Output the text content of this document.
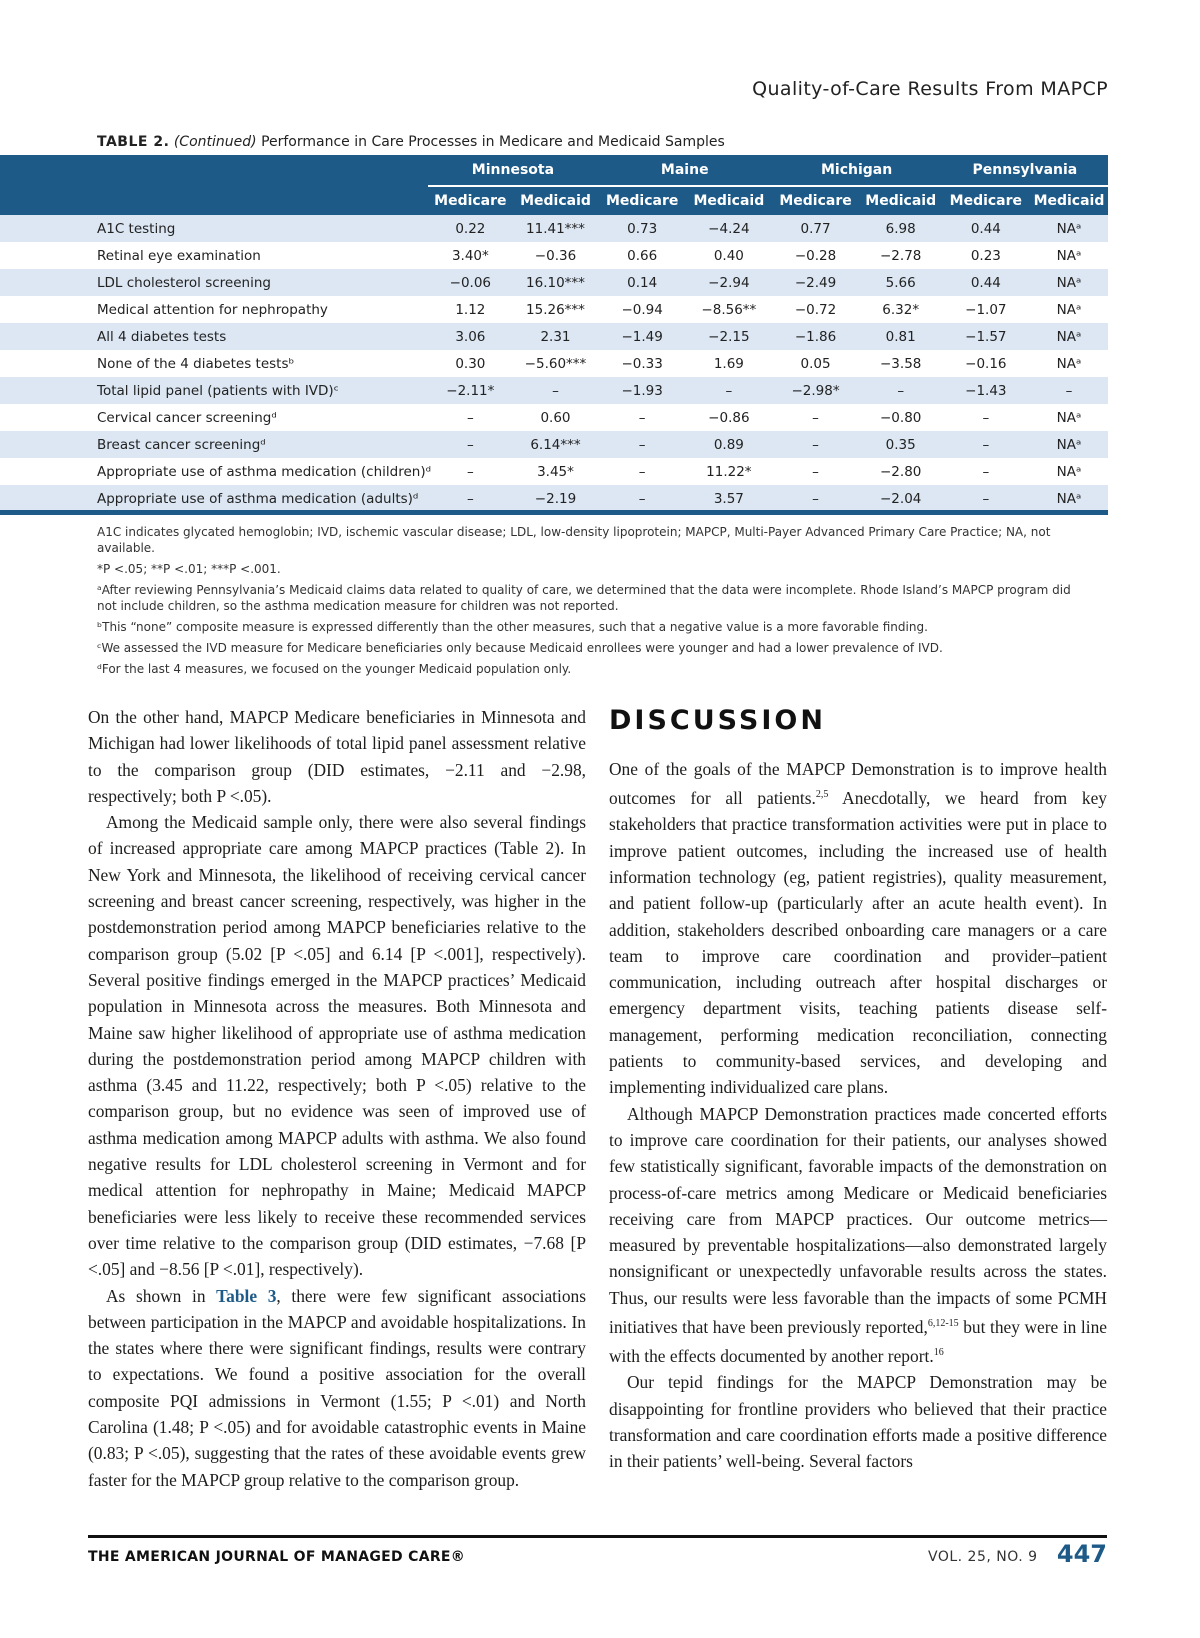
Quality-of-Care Results From MAPCP
TABLE 2. (Continued) Performance in Care Processes in Medicare and Medicaid Samples
	Minnesota		Maine		Michigan		Pennsylvania	
	Medicare	Medicaid	Medicare	Medicaid	Medicare	Medicaid	Medicare	Medicaid
A1C testing	0.22	11.41***	0.73	−4.24	0.77	6.98	0.44	NAᵃ
Retinal eye examination	3.40*	−0.36	0.66	0.40	−0.28	−2.78	0.23	NAᵃ
LDL cholesterol screening	−0.06	16.10***	0.14	−2.94	−2.49	5.66	0.44	NAᵃ
Medical attention for nephropathy	1.12	15.26***	−0.94	−8.56**	−0.72	6.32*	−1.07	NAᵃ
All 4 diabetes tests	3.06	2.31	−1.49	−2.15	−1.86	0.81	−1.57	NAᵃ
None of the 4 diabetes testsᵇ	0.30	−5.60***	−0.33	1.69	0.05	−3.58	−0.16	NAᵃ
Total lipid panel (patients with IVD)ᶜ	−2.11*	–	−1.93	–	−2.98*	–	−1.43	–
Cervical cancer screeningᵈ	–	0.60	–	−0.86	–	−0.80	–	NAᵃ
Breast cancer screeningᵈ	–	6.14***	–	0.89	–	0.35	–	NAᵃ
Appropriate use of asthma medication (children)ᵈ	–	3.45*	–	11.22*	–	−2.80	–	NAᵃ
Appropriate use of asthma medication (adults)ᵈ	–	−2.19	–	3.57	–	−2.04	–	NAᵃ

A1C indicates glycated hemoglobin; IVD, ischemic vascular disease; LDL, low-density lipoprotein; MAPCP, Multi-Payer Advanced Primary Care Practice; NA, not available.

*P <.05; **P <.01; ***P <.001.

ᵃAfter reviewing Pennsylvania’s Medicaid claims data related to quality of care, we determined that the data were incomplete. Rhode Island’s MAPCP program did not include children, so the asthma medication measure for children was not reported.

ᵇThis “none” composite measure is expressed differently than the other measures, such that a negative value is a more favorable finding.

ᶜWe assessed the IVD measure for Medicare beneficiaries only because Medicaid enrollees were younger and had a lower prevalence of IVD.

ᵈFor the last 4 measures, we focused on the younger Medicaid population only.

On the other hand, MAPCP Medicare beneficiaries in Minnesota and Michigan had lower likelihoods of total lipid panel assessment relative to the comparison group (DID estimates, −2.11 and −2.98, respectively; both P <.05).

Among the Medicaid sample only, there were also several findings of increased appropriate care among MAPCP practices (Table 2). In New York and Minnesota, the likelihood of receiving cervical cancer screening and breast cancer screening, respectively, was higher in the postdemonstration period among MAPCP beneficiaries relative to the comparison group (5.02 [P <.05] and 6.14 [P <.001], respectively). Several positive findings emerged in the MAPCP practices’ Medicaid population in Minnesota across the measures. Both Minnesota and Maine saw higher likelihood of appropriate use of asthma medication during the postdemonstration period among MAPCP children with asthma (3.45 and 11.22, respectively; both P <.05) relative to the comparison group, but no evidence was seen of improved use of asthma medication among MAPCP adults with asthma. We also found negative results for LDL cholesterol screening in Vermont and for medical attention for nephropathy in Maine; Medicaid MAPCP beneficiaries were less likely to receive these recommended services over time relative to the comparison group (DID estimates, −7.68 [P <.05] and −8.56 [P <.01], respectively).

As shown in Table 3, there were few significant associations between participation in the MAPCP and avoidable hospitalizations. In the states where there were significant findings, results were contrary to expectations. We found a positive association for the overall composite PQI admissions in Vermont (1.55; P <.01) and North Carolina (1.48; P <.05) and for avoidable catastrophic events in Maine (0.83; P <.05), suggesting that the rates of these avoidable events grew faster for the MAPCP group relative to the comparison group.

DISCUSSION

One of the goals of the MAPCP Demonstration is to improve health outcomes for all patients.$^{2,5}$ Anecdotally, we heard from key stakeholders that practice transformation activities were put in place to improve patient outcomes, including the increased use of health information technology (eg, patient registries), quality measurement, and patient follow-up (particularly after an acute health event). In addition, stakeholders described onboarding care managers or a care team to improve care coordination and provider–patient communication, including outreach after hospital discharges or emergency department visits, teaching patients disease self-management, performing medication reconciliation, connecting patients to community-based services, and developing and implementing individualized care plans.

Although MAPCP Demonstration practices made concerted efforts to improve care coordination for their patients, our analyses showed few statistically significant, favorable impacts of the demonstration on process-of-care metrics among Medicare or Medicaid beneficiaries receiving care from MAPCP practices. Our outcome metrics—measured by preventable hospitalizations—also demonstrated largely nonsignificant or unexpectedly unfavorable results across the states. Thus, our results were less favorable than the impacts of some PCMH initiatives that have been previously reported,$^{6,12-15}$ but they were in line with the effects documented by another report.$^{16}$

Our tepid findings for the MAPCP Demonstration may be disappointing for frontline providers who believed that their practice transformation and care coordination efforts made a positive difference in their patients’ well-being. Several factors

THE AMERICAN JOURNAL OF MANAGED CARE®	VOL. 25, NO. 9 447
